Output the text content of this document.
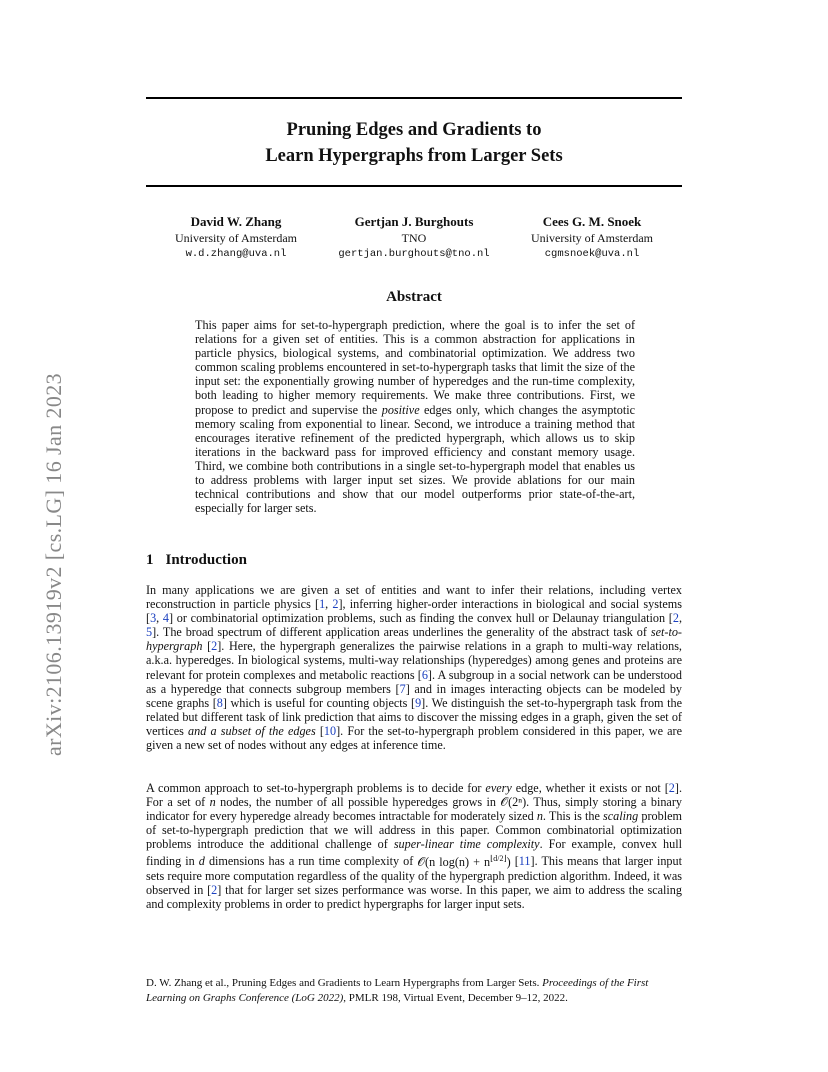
arXiv:2106.13919v2 [cs.LG] 16 Jan 2023
Pruning Edges and Gradients to
Learn Hypergraphs from Larger Sets
David W. Zhang
University of Amsterdam
w.d.zhang@uva.nl
Gertjan J. Burghouts
TNO
gertjan.burghouts@tno.nl
Cees G. M. Snoek
University of Amsterdam
cgmsnoek@uva.nl
Abstract
This paper aims for set-to-hypergraph prediction, where the goal is to infer the set of relations for a given set of entities. This is a common abstraction for applications in particle physics, biological systems, and combinatorial optimization. We address two common scaling problems encountered in set-to-hypergraph tasks that limit the size of the input set: the exponentially growing number of hyperedges and the run-time complexity, both leading to higher memory requirements. We make three contributions. First, we propose to predict and supervise the positive edges only, which changes the asymptotic memory scaling from exponential to linear. Second, we introduce a training method that encourages iterative refinement of the predicted hypergraph, which allows us to skip iterations in the backward pass for improved efficiency and constant memory usage. Third, we combine both contributions in a single set-to-hypergraph model that enables us to address problems with larger input set sizes. We provide ablations for our main technical contributions and show that our model outperforms prior state-of-the-art, especially for larger sets.
1 Introduction
In many applications we are given a set of entities and want to infer their relations, including vertex reconstruction in particle physics [1, 2], inferring higher-order interactions in biological and social systems [3, 4] or combinatorial optimization problems, such as finding the convex hull or Delaunay triangulation [2, 5]. The broad spectrum of different application areas underlines the generality of the abstract task of set-to-hypergraph [2]. Here, the hypergraph generalizes the pairwise relations in a graph to multi-way relations, a.k.a. hyperedges. In biological systems, multi-way relationships (hyperedges) among genes and proteins are relevant for protein complexes and metabolic reactions [6]. A subgroup in a social network can be understood as a hyperedge that connects subgroup members [7] and in images interacting objects can be modeled by scene graphs [8] which is useful for counting objects [9]. We distinguish the set-to-hypergraph task from the related but different task of link prediction that aims to discover the missing edges in a graph, given the set of vertices and a subset of the edges [10]. For the set-to-hypergraph problem considered in this paper, we are given a new set of nodes without any edges at inference time.
A common approach to set-to-hypergraph problems is to decide for every edge, whether it exists or not [2]. For a set of n nodes, the number of all possible hyperedges grows in 𝒪(2ⁿ). Thus, simply storing a binary indicator for every hyperedge already becomes intractable for moderately sized n. This is the scaling problem of set-to-hypergraph prediction that we will address in this paper. Common combinatorial optimization problems introduce the additional challenge of super-linear time complexity. For example, convex hull finding in d dimensions has a run time complexity of 𝒪(n $\log(n) + n^{⌊d/2⌋}$) [11]. This means that larger input sets require more computation regardless of the quality of the hypergraph prediction algorithm. Indeed, it was observed in [2] that for larger set sizes performance was worse. In this paper, we aim to address the scaling and complexity problems in order to predict hypergraphs for larger input sets.
D. W. Zhang et al., Pruning Edges and Gradients to Learn Hypergraphs from Larger Sets. Proceedings of the First Learning on Graphs Conference (LoG 2022), PMLR 198, Virtual Event, December 9–12, 2022.
